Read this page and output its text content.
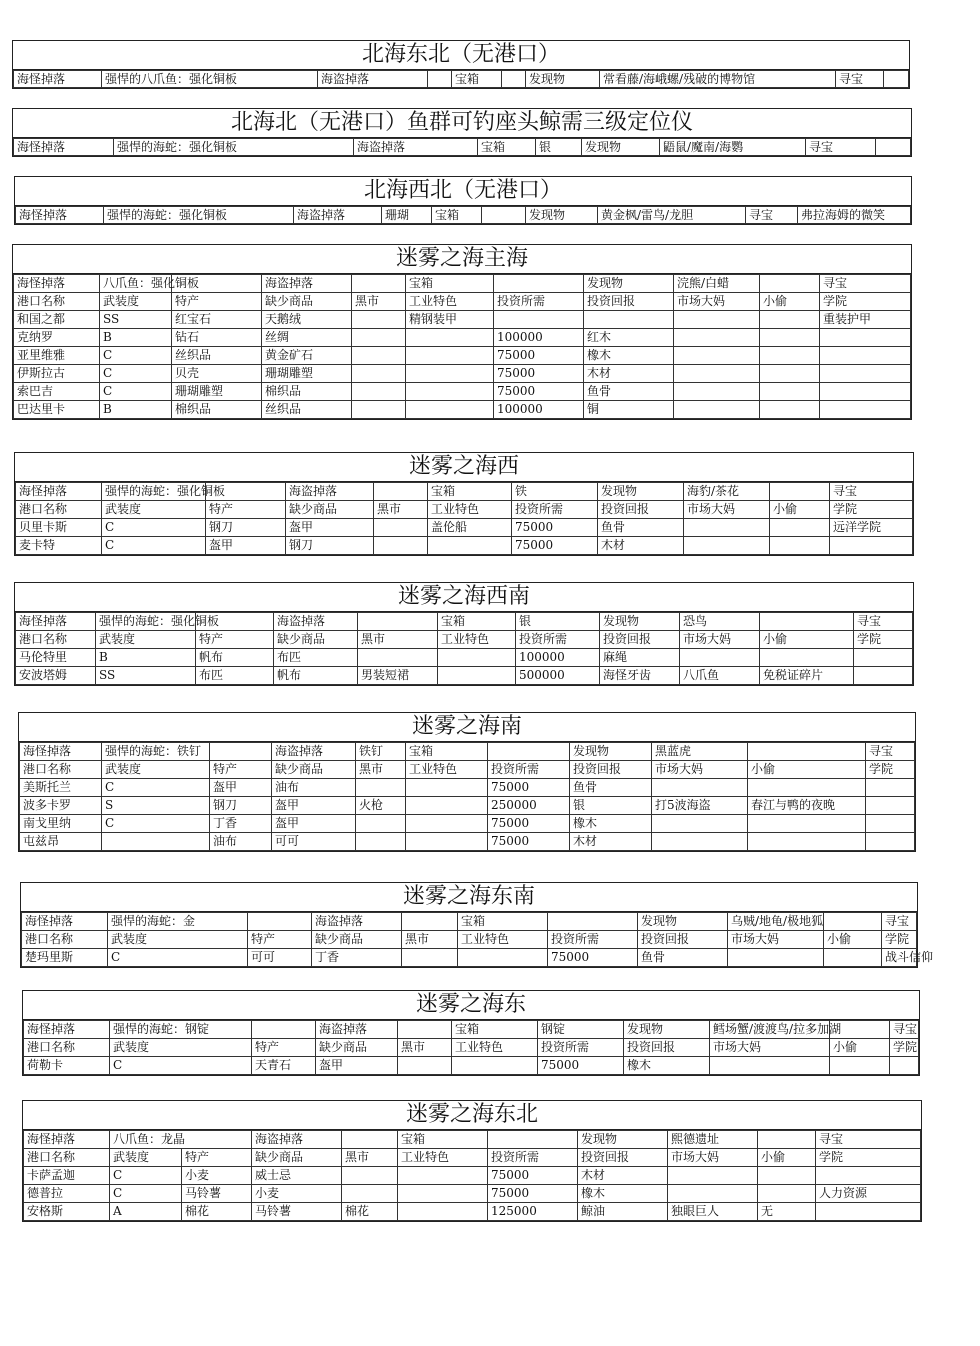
北海东北（无港口）
海怪掉落	强悍的八爪鱼：强化铜板	海盗掉落		宝箱		发现物	常看藤/海峨螺/残破的博物馆	寻宝	
北海北（无港口）鱼群可钓座头鲸需三级定位仪
海怪掉落	强悍的海蛇：强化铜板	海盗掉落	宝箱	银	发现物	鼯鼠/魔南/海鹦	寻宝	
北海西北（无港口）
海怪掉落	强悍的海蛇：强化铜板	海盗掉落	珊瑚	宝箱		发现物	黄金枫/雷鸟/龙胆	寻宝	弗拉海姆的微笑
迷雾之海主海
海怪掉落	八爪鱼：强化铜板		海盗掉落		宝箱		发现物	浣熊/白蜡		寻宝
港口名称	武装度	特产	缺少商品	黑市	工业特色	投资所需	投资回报	市场大妈	小偷	学院
和国之都	SS	红宝石	天鹅绒		精钢装甲					重装护甲
克纳罗	B	钻石	丝绸			100000	红木			
亚里维雅	C	丝织品	黄金矿石			75000	橡木			
伊斯拉古	C	贝壳	珊瑚雕塑			75000	木材			
索巴吉	C	珊瑚雕塑	棉织品			75000	鱼骨			
巴达里卡	B	棉织品	丝织品			100000	铜			
迷雾之海西
海怪掉落	强悍的海蛇：强化铜板		海盗掉落		宝箱	铁	发现物	海豹/茶花		寻宝
港口名称	武装度	特产	缺少商品	黑市	工业特色	投资所需	投资回报	市场大妈	小偷	学院
贝里卡斯	C	钢刀	盔甲		盖伦船	75000	鱼骨			远洋学院
麦卡特	C	盔甲	钢刀			75000	木材			
迷雾之海西南
海怪掉落	强悍的海蛇：强化铜板		海盗掉落		宝箱	银	发现物	恐鸟		寻宝
港口名称	武装度	特产	缺少商品	黑市	工业特色	投资所需	投资回报	市场大妈	小偷	学院
马伦特里	B	帆布	布匹			100000	麻绳			
安波塔姆	SS	布匹	帆布	男装短裙		500000	海怪牙齿	八爪鱼	免税证碎片	
迷雾之海南
海怪掉落	强悍的海蛇：铁钉		海盗掉落	铁钉	宝箱		发现物	黑蓝虎		寻宝
港口名称	武装度	特产	缺少商品	黑市	工业特色	投资所需	投资回报	市场大妈	小偷	学院
美斯托兰	C	盔甲	油布			75000	鱼骨			
波多卡罗	S	钢刀	盔甲	火枪		250000	银	打5波海盗	春江与鸭的夜晚	
南戈里纳	C	丁香	盔甲			75000	橡木			
屯兹昂		油布	可可			75000	木材			
迷雾之海东南
海怪掉落	强悍的海蛇：金		海盗掉落		宝箱		发现物	乌贼/地龟/极地狐		寻宝
港口名称	武装度	特产	缺少商品	黑市	工业特色	投资所需	投资回报	市场大妈	小偷	学院
楚玛里斯	C	可可	丁香			75000	鱼骨			战斗信仰
迷雾之海东
海怪掉落	强悍的海蛇：钢锭		海盗掉落		宝箱	钢锭	发现物	鳕场蟹/渡渡鸟/拉多加湖		寻宝
港口名称	武装度	特产	缺少商品	黑市	工业特色	投资所需	投资回报	市场大妈	小偷	学院
荷勒卡	C	天青石	盔甲			75000	橡木			
迷雾之海东北
海怪掉落	八爪鱼：龙晶		海盗掉落		宝箱		发现物	熙德遗址		寻宝
港口名称	武装度	特产	缺少商品	黑市	工业特色	投资所需	投资回报	市场大妈	小偷	学院
卡萨孟迦	C	小麦	威士忌			75000	木材			
德普拉	C	马铃薯	小麦			75000	橡木			人力资源
安格斯	A	棉花	马铃薯	棉花		125000	鲸油	独眼巨人	无	
